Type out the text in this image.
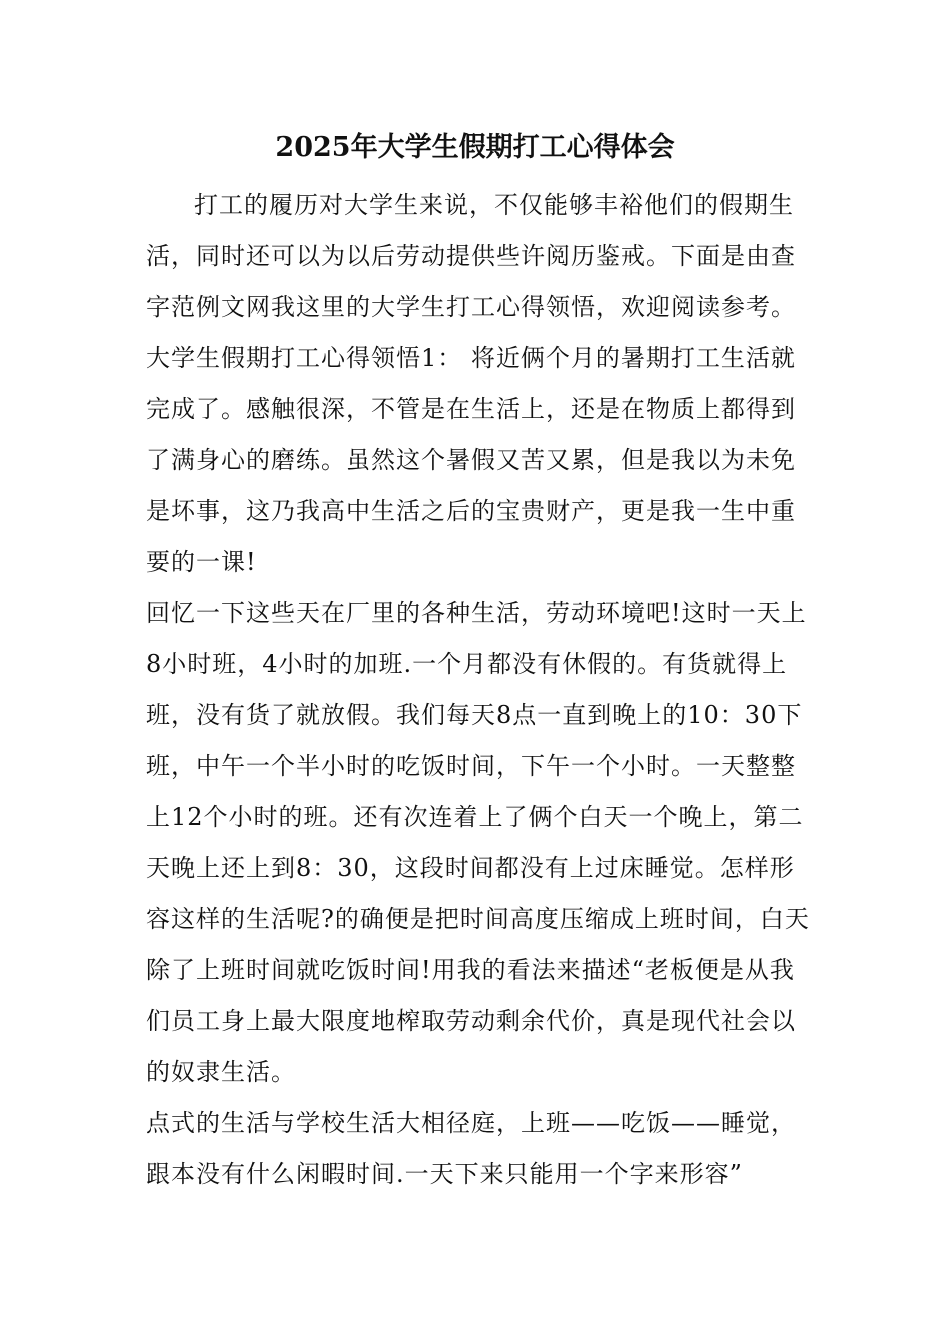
2025年大学生假期打工心得体会

打工的履历对大学生来说，不仅能够丰裕他们的假期生活，同时还可以为以后劳动提供些许阅历鉴戒。下面是由查字范例文网我这里的大学生打工心得领悟，欢迎阅读参考。

大学生假期打工心得领悟1： 将近俩个月的暑期打工生活就完成了。感触很深，不管是在生活上，还是在物质上都得到了满身心的磨练。虽然这个暑假又苦又累，但是我以为未免是坏事，这乃我高中生活之后的宝贵财产，更是我一生中重要的一课!

回忆一下这些天在厂里的各种生活，劳动环境吧!这时一天上8小时班，4小时的加班.一个月都没有休假的。有货就得上班，没有货了就放假。我们每天8点一直到晚上的10：30下班，中午一个半小时的吃饭时间，下午一个小时。一天整整上12个小时的班。还有次连着上了俩个白天一个晚上，第二天晚上还上到8：30，这段时间都没有上过床睡觉。怎样形容这样的生活呢?的确便是把时间高度压缩成上班时间，白天除了上班时间就吃饭时间!用我的看法来描述“老板便是从我们员工身上最大限度地榨取劳动剩余代价，真是现代社会以的奴隶生活。

点式的生活与学校生活大相径庭，上班——吃饭——睡觉，跟本没有什么闲暇时间.一天下来只能用一个字来形容”
